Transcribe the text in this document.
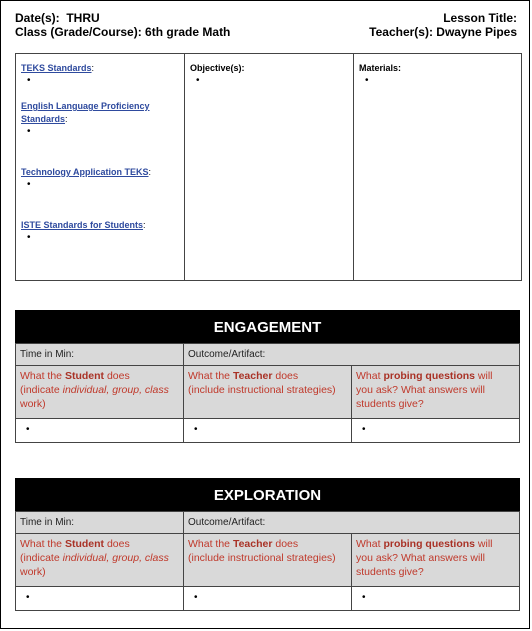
Date(s): THRU	Lesson Title:
Class (Grade/Course): 6th grade Math	Teacher(s): Dwayne Pipes
TEKS Standards:
•
English Language Proficiency
Standards:
•
Technology Application TEKS:
•
ISTE Standards for Students:
•

Objective(s):
•

Materials:
•
ENGAGEMENT
Time in Min:	Outcome/Artifact:	
What the Student does
(indicate individual, group, class
work)	What the Teacher does
(include instructional strategies)	What probing questions will
you ask? What answers will
students give?
•	•	•
EXPLORATION
Time in Min:	Outcome/Artifact:	
What the Student does
(indicate individual, group, class
work)	What the Teacher does
(include instructional strategies)	What probing questions will
you ask? What answers will
students give?
•	•	•
